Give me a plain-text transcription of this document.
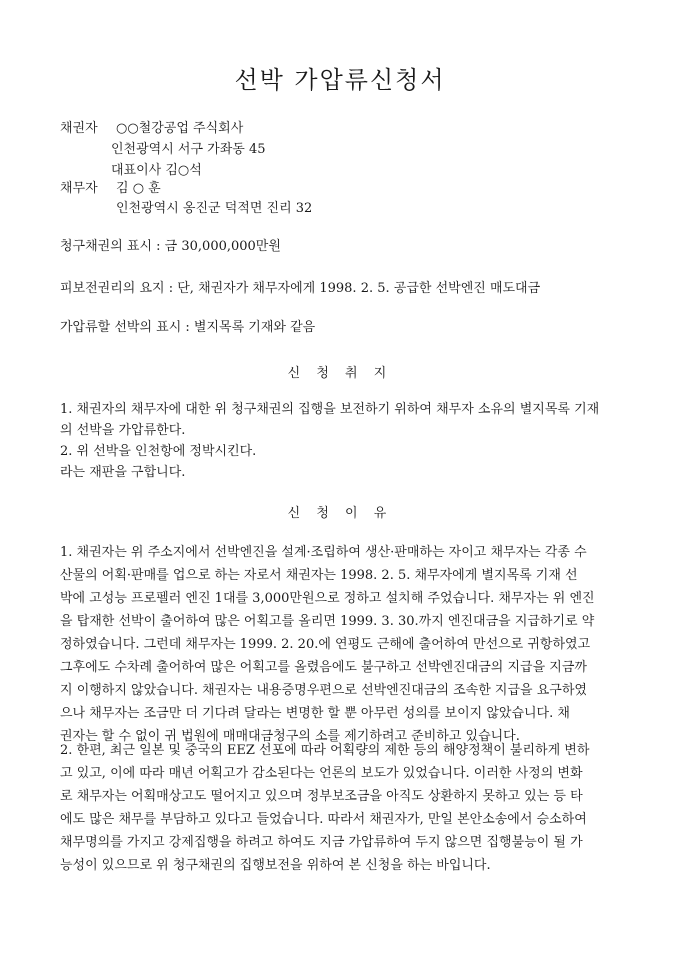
선박 가압류신청서
채권자 ○○철강공업 주식회사
인천광역시 서구 가좌동 45
대표이사 김○석
채무자 김 ○ 훈
인천광역시 옹진군 덕적면 진리 32
청구채권의 표시 : 금 30,000,000만원
피보전권리의 요지 : 단, 채권자가 채무자에게 1998. 2. 5. 공급한 선박엔진 매도대금
가압류할 선박의 표시 : 별지목록 기재와 같음
신 청 취 지

1. 채권자의 채무자에 대한 위 청구채권의 집행을 보전하기 위하여 채무자 소유의 별지목록 기재

의 선박을 가압류한다.

2. 위 선박을 인천항에 정박시킨다.

라는 재판을 구합니다.

신 청 이 유

1. 채권자는 위 주소지에서 선박엔진을 설계·조립하여 생산·판매하는 자이고 채무자는 각종 수

산물의 어획·판매를 업으로 하는 자로서 채권자는 1998. 2. 5. 채무자에게 별지목록 기재 선

박에 고성능 프로펠러 엔진 1대를 3,000만원으로 정하고 설치해 주었습니다. 채무자는 위 엔진

을 탑재한 선박이 출어하여 많은 어획고를 올리면 1999. 3. 30.까지 엔진대금을 지급하기로 약

정하였습니다. 그런데 채무자는 1999. 2. 20.에 연평도 근해에 출어하여 만선으로 귀항하였고

그후에도 수차례 출어하여 많은 어획고를 올렸음에도 불구하고 선박엔진대금의 지급을 지금까

지 이행하지 않았습니다. 채권자는 내용증명우편으로 선박엔진대금의 조속한 지급을 요구하였

으나 채무자는 조금만 더 기다려 달라는 변명한 할 뿐 아무런 성의를 보이지 않았습니다. 채

권자는 할 수 없이 귀 법원에 매매대금청구의 소를 제기하려고 준비하고 있습니다.

2. 한편, 최근 일본 및 중국의 EEZ 선포에 따라 어획량의 제한 등의 해양정책이 불리하게 변하

고 있고, 이에 따라 매년 어획고가 감소된다는 언론의 보도가 있었습니다. 이러한 사정의 변화

로 채무자는 어획매상고도 떨어지고 있으며 정부보조금을 아직도 상환하지 못하고 있는 등 타

에도 많은 채무를 부담하고 있다고 들었습니다. 따라서 채권자가, 만일 본안소송에서 승소하여

채무명의를 가지고 강제집행을 하려고 하여도 지금 가압류하여 두지 않으면 집행불능이 될 가

능성이 있으므로 위 청구채권의 집행보전을 위하여 본 신청을 하는 바입니다.
